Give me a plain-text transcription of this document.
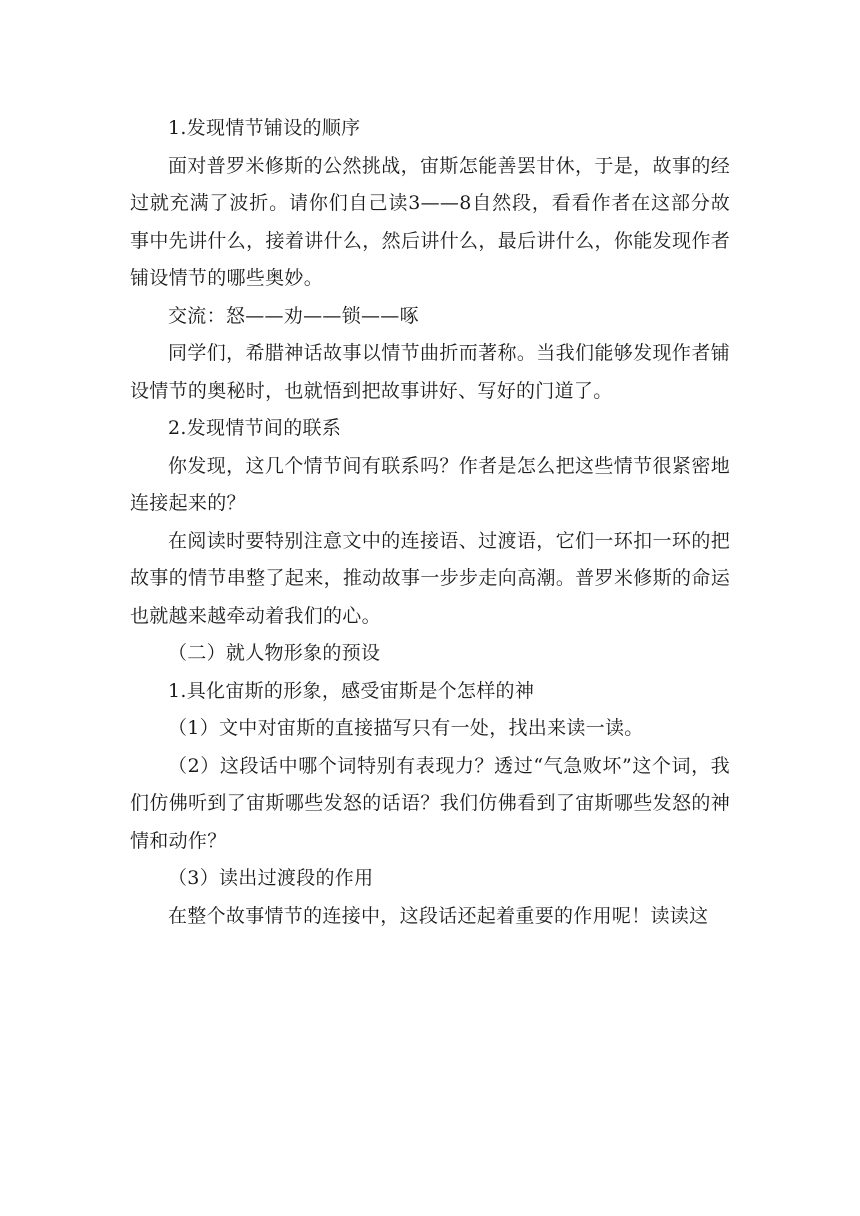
1.发现情节铺设的顺序

面对普罗米修斯的公然挑战，宙斯怎能善罢甘休，于是，故事的经过就充满了波折。请你们自己读3——8自然段，看看作者在这部分故事中先讲什么，接着讲什么，然后讲什么，最后讲什么，你能发现作者铺设情节的哪些奥妙。

交流：怒——劝——锁——啄

同学们，希腊神话故事以情节曲折而著称。当我们能够发现作者铺设情节的奥秘时，也就悟到把故事讲好、写好的门道了。

2.发现情节间的联系

你发现，这几个情节间有联系吗？作者是怎么把这些情节很紧密地连接起来的？

在阅读时要特别注意文中的连接语、过渡语，它们一环扣一环的把故事的情节串整了起来，推动故事一步步走向高潮。普罗米修斯的命运也就越来越牵动着我们的心。

（二）就人物形象的预设

1.具化宙斯的形象，感受宙斯是个怎样的神

（1）文中对宙斯的直接描写只有一处，找出来读一读。

（2）这段话中哪个词特别有表现力？透过“气急败坏”这个词，我们仿佛听到了宙斯哪些发怒的话语？我们仿佛看到了宙斯哪些发怒的神情和动作？

（3）读出过渡段的作用

在整个故事情节的连接中，这段话还起着重要的作用呢！读读这
